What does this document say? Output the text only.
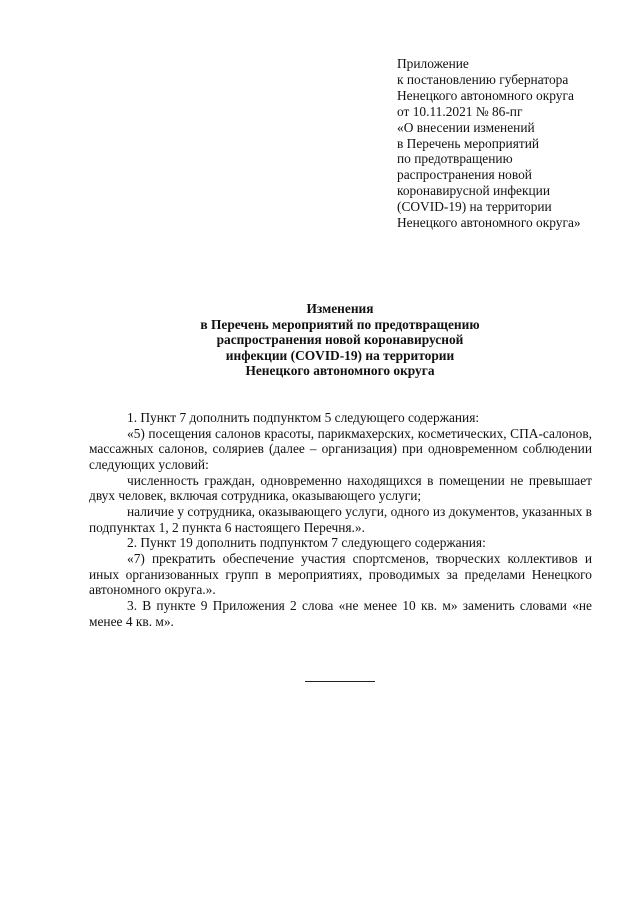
Приложение
к постановлению губернатора
Ненецкого автономного округа
от 10.11.2021 № 86-пг
«О внесении изменений
в Перечень мероприятий
по предотвращению
распространения новой
коронавирусной инфекции
(COVID-19) на территории
Ненецкого автономного округа»
Изменения
в Перечень мероприятий по предотвращению
распространения новой коронавирусной
инфекции (COVID-19) на территории
Ненецкого автономного округа

1. Пункт 7 дополнить подпунктом 5 следующего содержания:

«5) посещения салонов красоты, парикмахерских, косметических, СПА-салонов, массажных салонов, соляриев (далее – организация) при одновременном соблюдении следующих условий:

численность граждан, одновременно находящихся в помещении не превышает двух человек, включая сотрудника, оказывающего услуги;

наличие у сотрудника, оказывающего услуги, одного из документов, указанных в подпунктах 1, 2 пункта 6 настоящего Перечня.».

2. Пункт 19 дополнить подпунктом 7 следующего содержания:

«7) прекратить обеспечение участия спортсменов, творческих коллективов и иных организованных групп в мероприятиях, проводимых за пределами Ненецкого автономного округа.».

3. В пункте 9 Приложения 2 слова «не менее 10 кв. м» заменить словами «не менее 4 кв. м».
